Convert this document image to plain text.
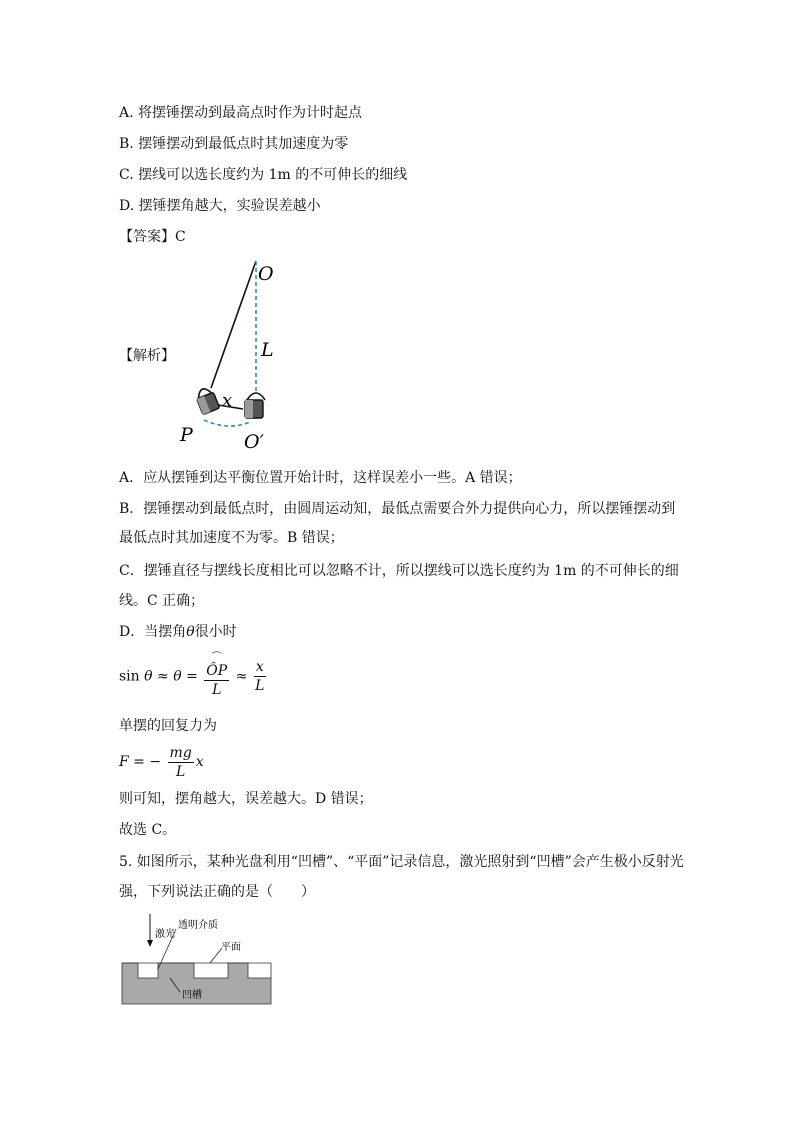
A. 将摆锤摆动到最高点时作为计时起点
B. 摆锤摆动到最低点时其加速度为零
C. 摆线可以选长度约为 1m 的不可伸长的细线
D. 摆锤摆角越大，实验误差越小
【答案】C
【解析】
O
L
x
P	O′
A．应从摆锤到达平衡位置开始计时，这样误差小一些。A 错误；
B．摆锤摆动到最低点时，由圆周运动知，最低点需要合外力提供向心力，所以摆锤摆动到
最低点时其加速度不为零。B 错误；
C．摆锤直径与摆线长度相比可以忽略不计，所以摆线可以选长度约为 1m 的不可伸长的细
线。C 正确；
D．当摆角θ很小时
sin θ ≈ θ = ⌒
ÔP
$L \approx \frac{x}{L}$
单摆的回复力为
F = − $\frac{mg}{L}$ x
则可知，摆角越大，误差越大。D 错误；
故选 C。
5. 如图所示，某种光盘利用“凹槽”、“平面”记录信息，激光照射到“凹槽”会产生极小反射光
强，下列说法正确的是（　　）
激光
透明介质
平面
凹槽
